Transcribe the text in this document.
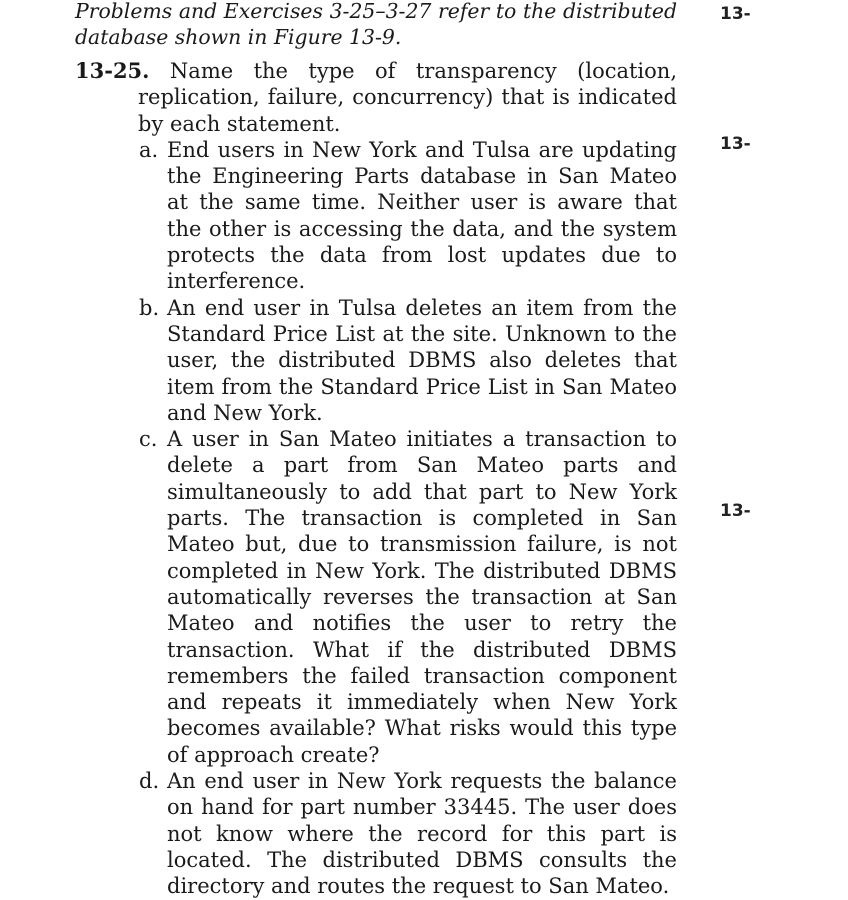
Problems and Exercises 3-25–3-27 refer to the distributed database shown in Figure 13-9.
13-25. Name the type of transparency (location, replication, failure, concurrency) that is indicated by each statement.
a. End users in New York and Tulsa are updating the Engineering Parts database in San Mateo at the same time. Neither user is aware that the other is accessing the data, and the system protects the data from lost updates due to interference.
b. An end user in Tulsa deletes an item from the Standard Price List at the site. Unknown to the user, the distributed DBMS also deletes that item from the Standard Price List in San Mateo and New York.
c. A user in San Mateo initiates a transaction to delete a part from San Mateo parts and simultaneously to add that part to New York parts. The transaction is completed in San Mateo but, due to transmission failure, is not completed in New York. The distributed DBMS automatically reverses the transaction at San Mateo and notifies the user to retry the transaction. What if the distributed DBMS remembers the failed transaction component and repeats it immediately when New York becomes available? What risks would this type of approach create?
d. An end user in New York requests the balance on hand for part number 33445. The user does not know where the record for this part is located. The distributed DBMS consults the directory and routes the request to San Mateo.
13-
13-
13-
